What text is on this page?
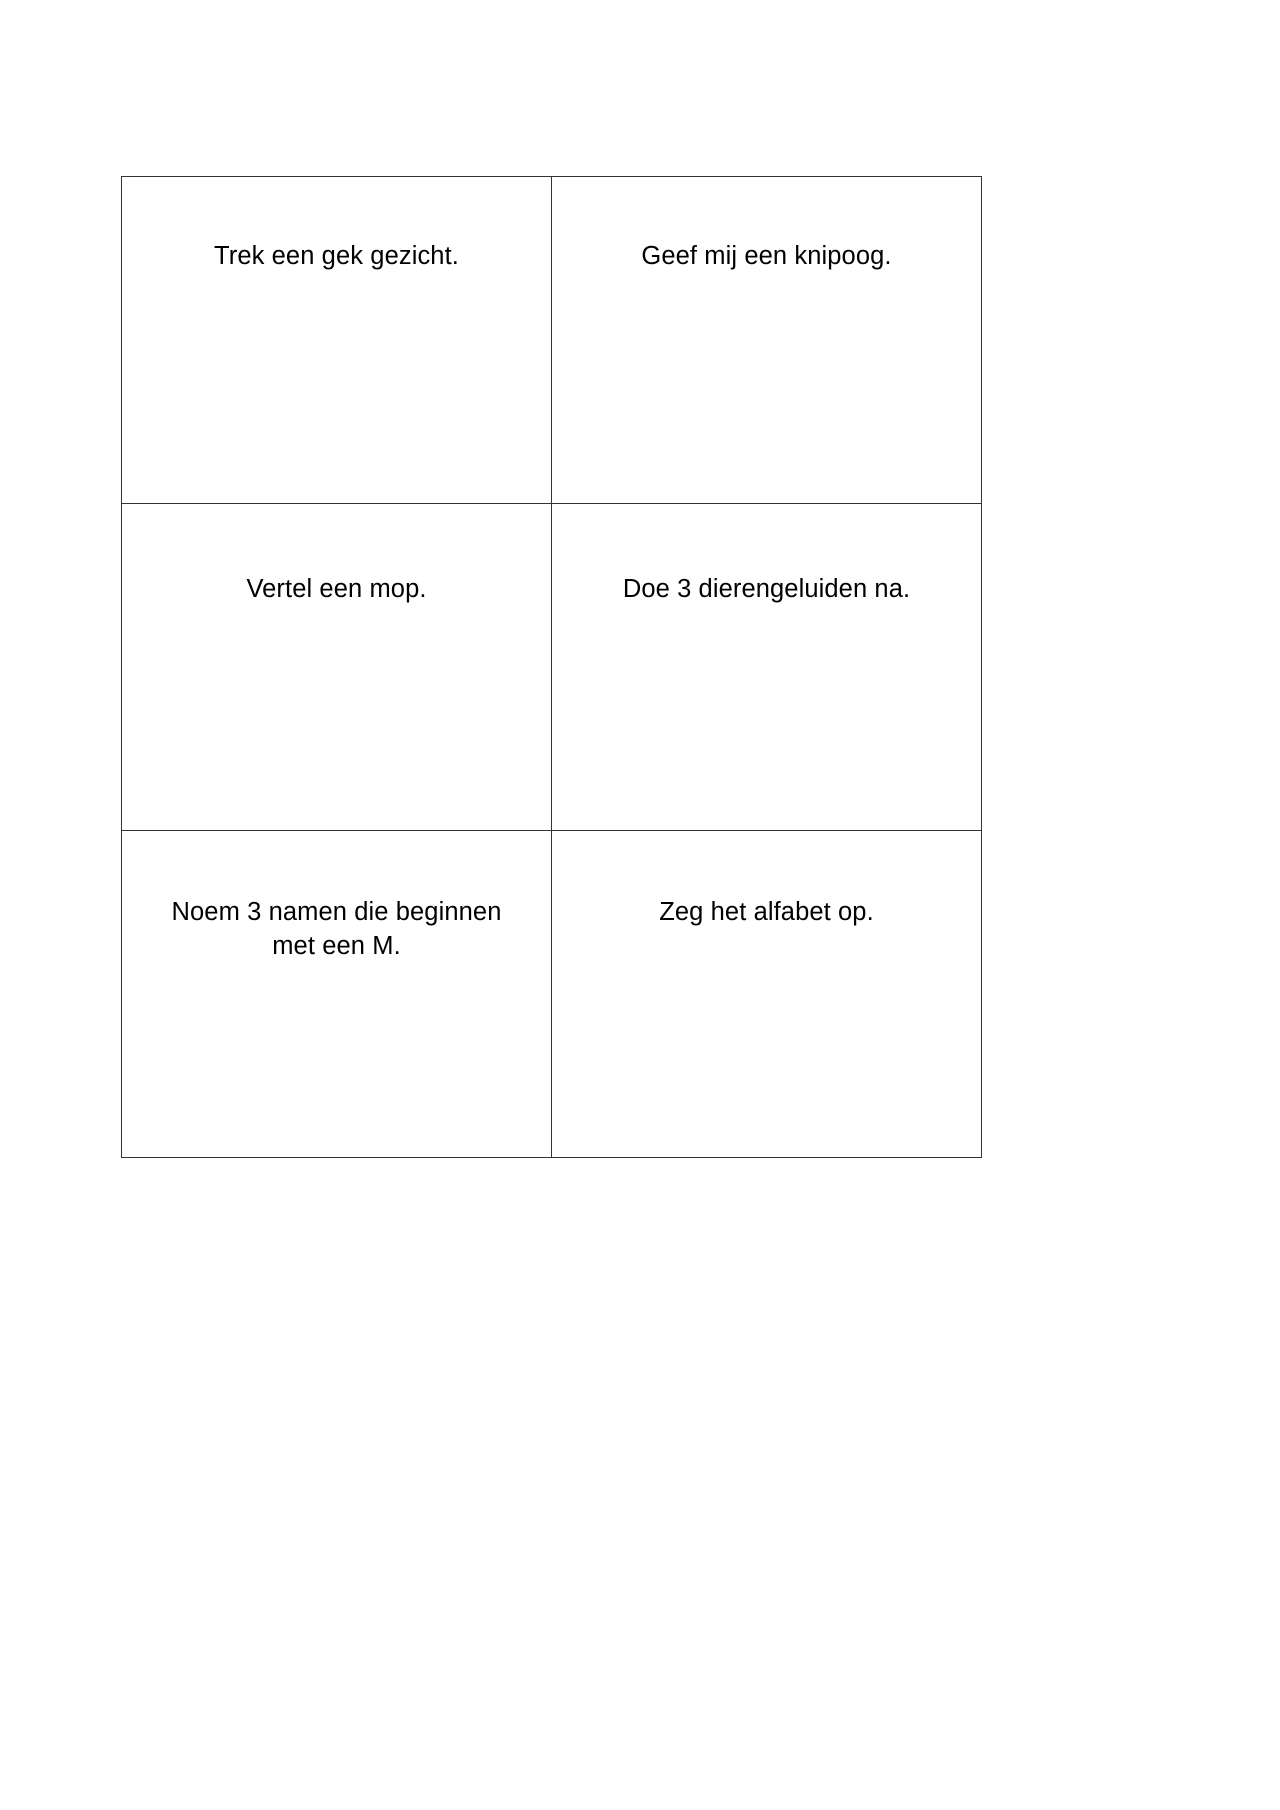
Trek een gek gezicht.	Geef mij een knipoog.

Vertel een mop.	Doe 3 dierengeluiden na.

Noem 3 namen die beginnen met een M.	Zeg het alfabet op.
